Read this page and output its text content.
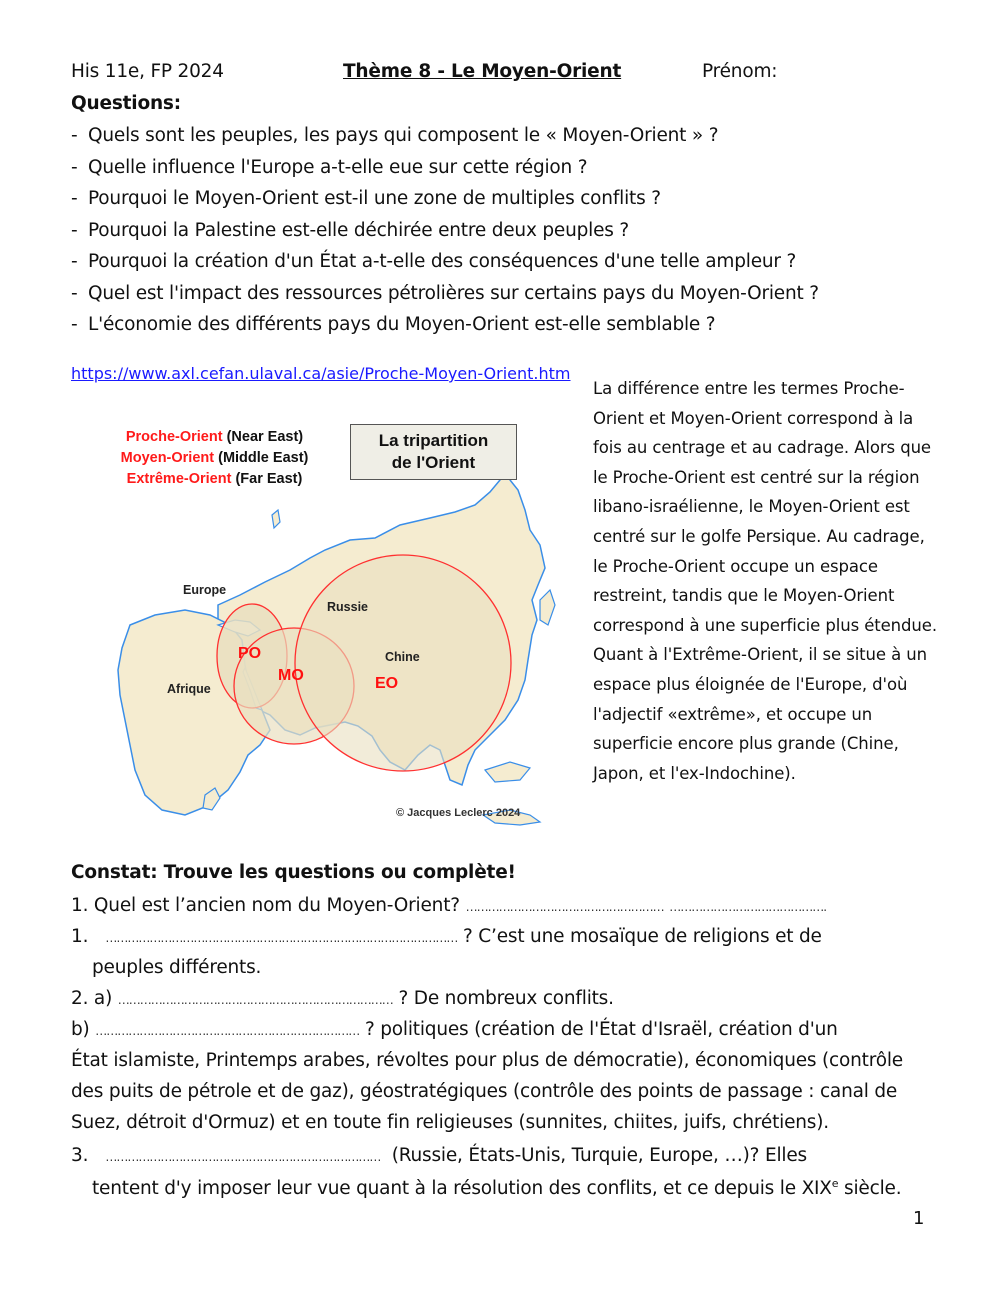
His 11e, FP 2024	Thème 8 - Le Moyen-Orient	Prénom:
Questions:
- Quels sont les peuples, les pays qui composent le « Moyen-Orient » ?
- Quelle influence l'Europe a-t-elle eue sur cette région ?
- Pourquoi le Moyen-Orient est-il une zone de multiples conflits ?
- Pourquoi la Palestine est-elle déchirée entre deux peuples ?
- Pourquoi la création d'un État a-t-elle des conséquences d'une telle ampleur ?
- Quel est l'impact des ressources pétrolières sur certains pays du Moyen-Orient ?
- L'économie des différents pays du Moyen-Orient est-elle semblable ?
https://www.axl.cefan.ulaval.ca/asie/Proche-Moyen-Orient.htm
Proche-Orient (Near East)
Moyen-Orient (Middle East)
Extrême-Orient (Far East)
La tripartition
de l'Orient
Europe
Russie
Afrique
Chine
PO
MO	EO
© Jacques Leclerc 2024

La différence entre les termes Proche-Orient et Moyen-Orient correspond à la fois au centrage et au cadrage. Alors que le Proche-Orient est centré sur la région libano-israélienne, le Moyen-Orient est centré sur le golfe Persique. Au cadrage, le Proche-Orient occupe un espace restreint, tandis que le Moyen-Orient correspond à une superficie plus étendue. Quant à l'Extrême-Orient, il se situe à un espace plus éloignée de l'Europe, d'où l'adjectif «extrême», et occupe un superficie encore plus grande (Chine, Japon, et l'ex-Indochine).

Constat: Trouve les questions ou complète!
1. Quel est l’ancien nom du Moyen-Orient? ……………………………………………… …………………………………….
1. …………………………………………………………………………………… ? C’est une mosaïque de religions et de
peuples différents.
2. a) ………………………………………………………………… ? De nombreux conflits.
b) ……………………………………………………………… ? politiques (création de l'État d'Israël, création d'un
État islamiste, Printemps arabes, révoltes pour plus de démocratie), économiques (contrôle
des puits de pétrole et de gaz), géostratégiques (contrôle des points de passage : canal de
Suez, détroit d'Ormuz) et en toute fin religieuses (sunnites, chiites, juifs, chrétiens).
3. ………………………………………………………………… (Russie, États-Unis, Turquie, Europe, …)? Elles
tentent d'y imposer leur vue quant à la résolution des conflits, et ce depuis le XIXe siècle.
1
